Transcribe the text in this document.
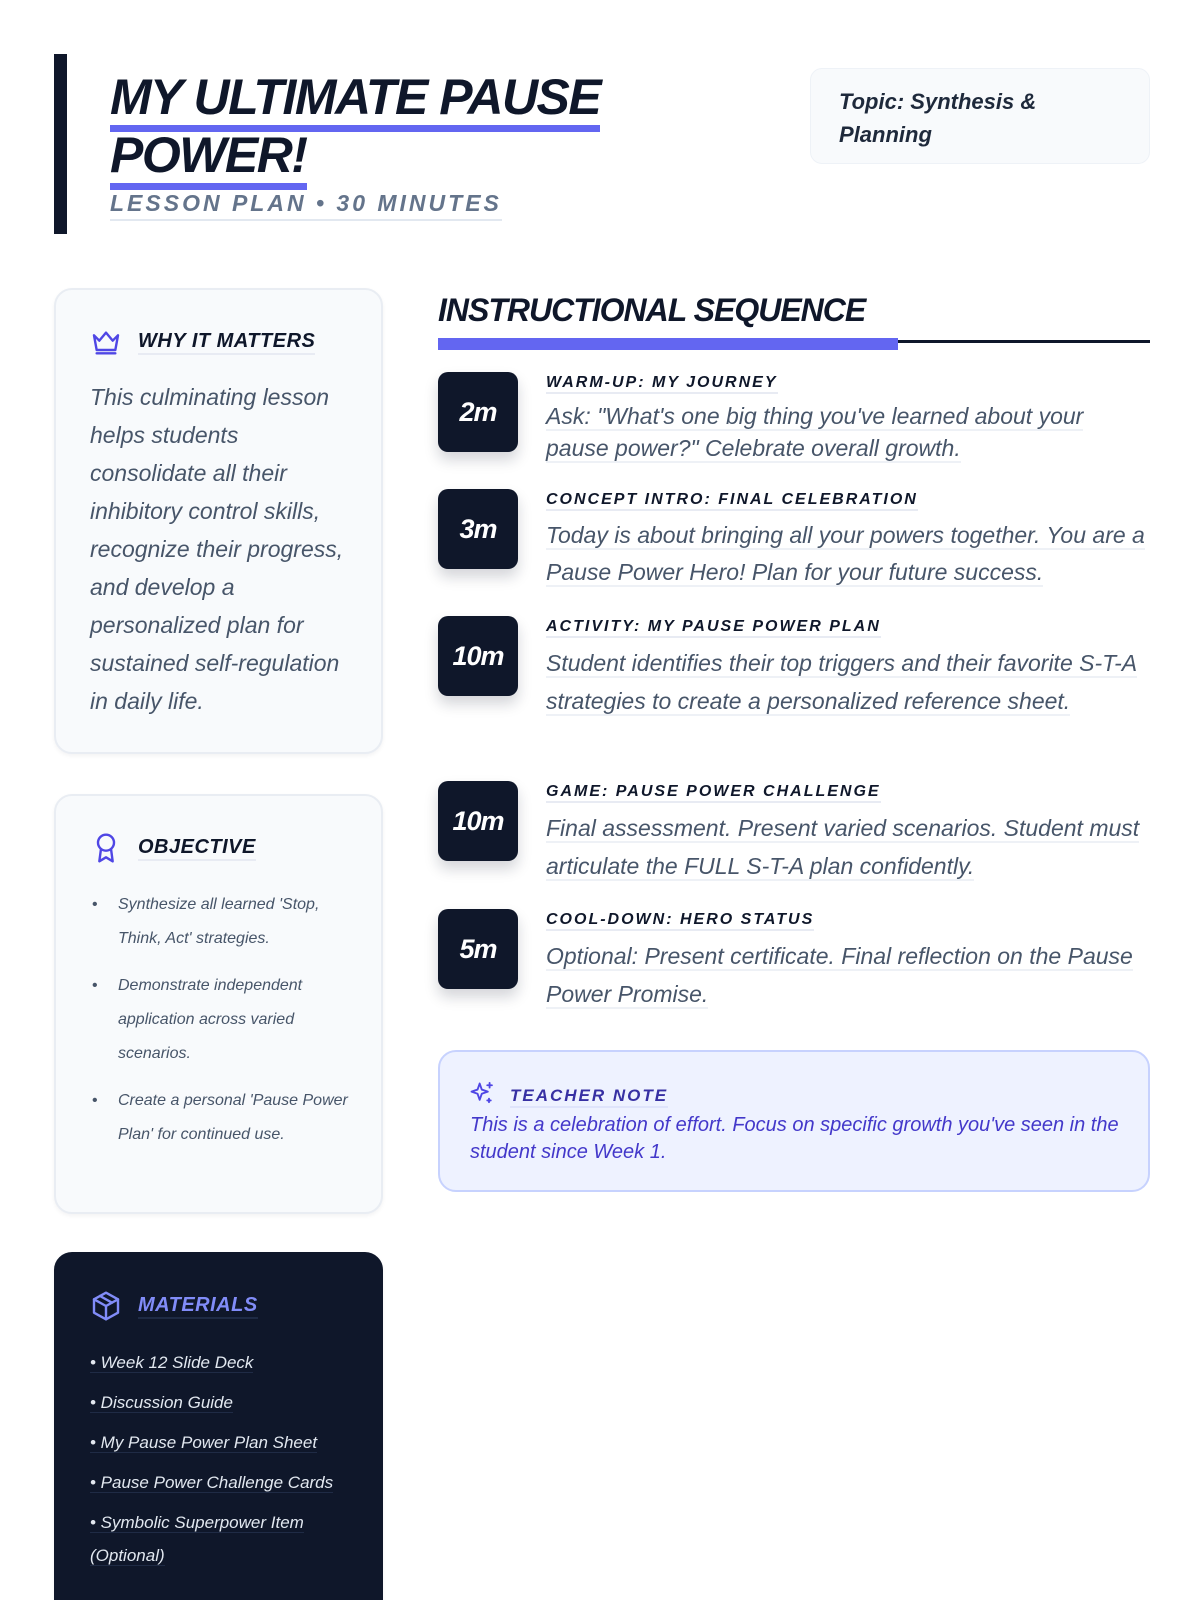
MY ULTIMATE PAUSE
POWER!
LESSON PLAN • 30 MINUTES
Topic: Synthesis & Planning
WHY IT MATTERS

This culminating lesson helps students consolidate all their inhibitory control skills, recognize their progress, and develop a personalized plan for sustained self-regulation in daily life.

OBJECTIVE
• Synthesize all learned 'Stop, Think, Act' strategies.
• Demonstrate independent application across varied scenarios.
• Create a personal 'Pause Power Plan' for continued use.
MATERIALS
• Week 12 Slide Deck
• Discussion Guide
• My Pause Power Plan Sheet
• Pause Power Challenge Cards
• Symbolic Superpower Item (Optional)
INSTRUCTIONAL SEQUENCE
2m
WARM-UP: MY JOURNEY

Ask: "What's one big thing you've learned about your pause power?" Celebrate overall growth.

3m
CONCEPT INTRO: FINAL CELEBRATION

Today is about bringing all your powers together. You are a Pause Power Hero! Plan for your future success.

10m
ACTIVITY: MY PAUSE POWER PLAN

Student identifies their top triggers and their favorite S-T-A strategies to create a personalized reference sheet.

10m
GAME: PAUSE POWER CHALLENGE

Final assessment. Present varied scenarios. Student must articulate the FULL S-T-A plan confidently.

5m
COOL-DOWN: HERO STATUS

Optional: Present certificate. Final reflection on the Pause Power Promise.

TEACHER NOTE

This is a celebration of effort. Focus on specific growth you've seen in the student since Week 1.
